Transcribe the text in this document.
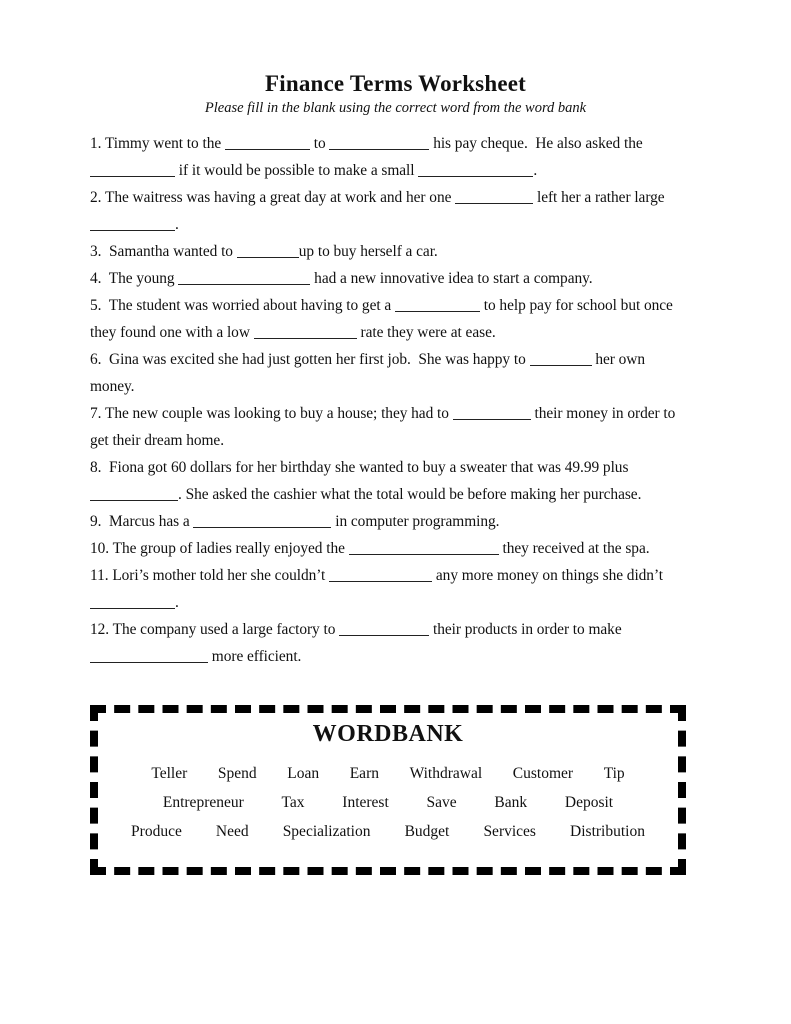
Finance Terms Worksheet

Please fill in the blank using the correct word from the word bank

1. Timmy went to the	to	his pay cheque.  He also asked the
if it would be possible to make a small	.
2. The waitress was having a great day at work and her one	left her a rather large
.
3.  Samantha wanted to	up to buy herself a car.
4.  The young	had a new innovative idea to start a company.
5.  The student was worried about having to get a	to help pay for school but once
they found one with a low	rate they were at ease.
6.  Gina was excited she had just gotten her first job.  She was happy to	her own
money.
7. The new couple was looking to buy a house; they had to	their money in order to
get their dream home.
8.  Fiona got 60 dollars for her birthday she wanted to buy a sweater that was 49.99 plus
. She asked the cashier what the total would be before making her purchase.
9.  Marcus has a	in computer programming.
10. The group of ladies really enjoyed the	they received at the spa.
11. Lori’s mother told her she couldn’t	any more money on things she didn’t
.
12. The company used a large factory to	their products in order to make
more efficient.
WORDBANK
Teller Spend Loan Earn Withdrawal Customer Tip
Entrepreneur Tax Interest Save Bank Deposit
Produce Need Specialization Budget Services Distribution
